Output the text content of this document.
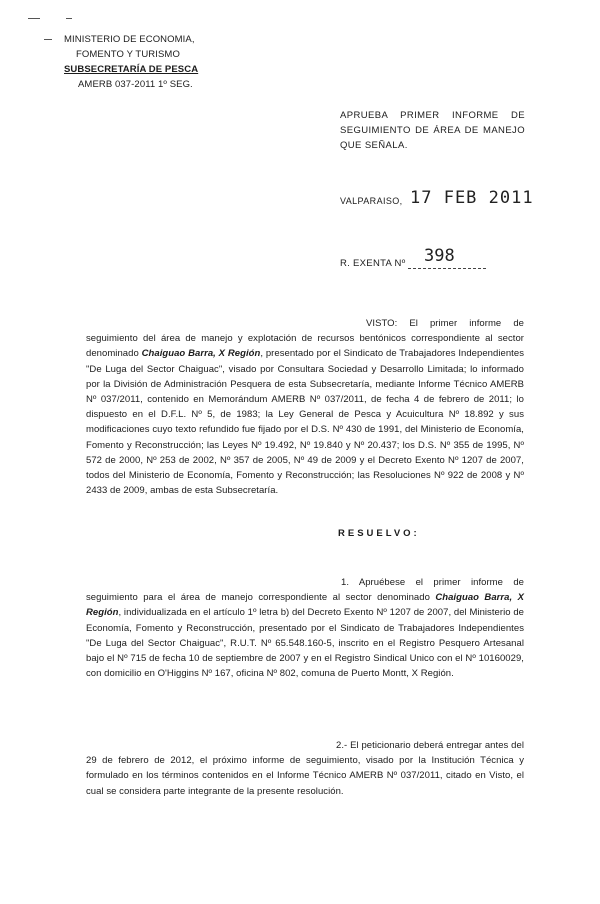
MINISTERIO DE ECONOMIA,
FOMENTO Y TURISMO
SUBSECRETARÍA DE PESCA
AMERB 037-2011 1º SEG.
APRUEBA PRIMER INFORME DE SEGUIMIENTO DE ÁREA DE MANEJO QUE SEÑALA.
VALPARAISO, 17 FEB 2011
R. EXENTA Nº 398
VISTO: El primer informe de seguimiento del área de manejo y explotación de recursos bentónicos correspondiente al sector denominado Chaiguao Barra, X Región, presentado por el Sindicato de Trabajadores Independientes "De Luga del Sector Chaiguac", visado por Consultara Sociedad y Desarrollo Limitada; lo informado por la División de Administración Pesquera de esta Subsecretaría, mediante Informe Técnico AMERB Nº 037/2011, contenido en Memorándum AMERB Nº 037/2011, de fecha 4 de febrero de 2011; lo dispuesto en el D.F.L. Nº 5, de 1983; la Ley General de Pesca y Acuicultura Nº 18.892 y sus modificaciones cuyo texto refundido fue fijado por el D.S. Nº 430 de 1991, del Ministerio de Economía, Fomento y Reconstrucción; las Leyes Nº 19.492, Nº 19.840 y Nº 20.437; los D.S. Nº 355 de 1995, Nº 572 de 2000, Nº 253 de 2002, Nº 357 de 2005, Nº 49 de 2009 y el Decreto Exento Nº 1207 de 2007, todos del Ministerio de Economía, Fomento y Reconstrucción; las Resoluciones Nº 922 de 2008 y Nº 2433 de 2009, ambas de esta Subsecretaría.
RESUELVO:
1. Apruébese el primer informe de seguimiento para el área de manejo correspondiente al sector denominado Chaiguao Barra, X Región, individualizada en el artículo 1º letra b) del Decreto Exento Nº 1207 de 2007, del Ministerio de Economía, Fomento y Reconstrucción, presentado por el Sindicato de Trabajadores Independientes "De Luga del Sector Chaiguac", R.U.T. Nº 65.548.160-5, inscrito en el Registro Pesquero Artesanal bajo el Nº 715 de fecha 10 de septiembre de 2007 y en el Registro Sindical Unico con el Nº 10160029, con domicilio en O'Higgins Nº 167, oficina Nº 802, comuna de Puerto Montt, X Región.
2.- El peticionario deberá entregar antes del 29 de febrero de 2012, el próximo informe de seguimiento, visado por la Institución Técnica y formulado en los términos contenidos en el Informe Técnico AMERB Nº 037/2011, citado en Visto, el cual se considera parte integrante de la presente resolución.
